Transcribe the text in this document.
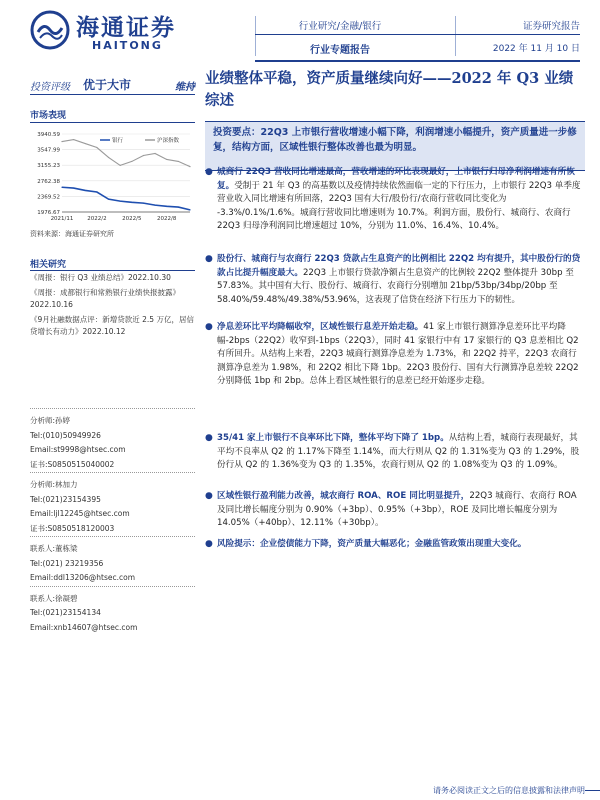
海通证券
HAITONG
行业研究/金融/银行
行业专题报告
证券研究报告
2022 年 11 月 10 日
投资评级 优于大市	维持
业绩整体平稳，资产质量继续向好——2022 年 Q3 业绩综述
市场表现
3940.59
3547.99
3155.23
2762.38
2369.52
1976.67
2021/11	2022/2	2022/5	2022/8
银行	沪深指数
资料来源：海通证券研究所
相关研究
《周报：银行 Q3 业绩总结》2022.10.30
《周报：成都银行和常熟银行业绩快报披露》2022.10.16
《9月社融数据点评：新增贷款近 2.5 万亿，居信贷增长有动力》2022.10.12
分析师:孙婷
Tel:(010)50949926
Email:st9998@htsec.com
证书:S0850515040002
分析师:林加力
Tel:(021)23154395
Email:ljl12245@htsec.com
证书:S0850518120003
联系人:董栋梁
Tel:(021) 23219356
Email:ddl13206@htsec.com
联系人:徐凝碧
Tel:(021)23154134
Email:xnb14607@htsec.com
投资要点：22Q3 上市银行营收增速小幅下降，利润增速小幅提升，资产质量进一步修复，结构方面，区域性银行整体改善也最为明显。
● 城商行 22Q3 营收同比增速最高，营收增速的环比表现最好，上市银行归母净利润增速有所恢复。受制于 21 年 Q3 的高基数以及疫情持续依然面临一定的下行压力，上市银行 22Q3 单季度营业收入同比增速有所回落，22Q3 国有大行/股份行/农商行营收同比变化为 -3.3%/0.1%/1.6%。城商行营收同比增速则为 10.7%。利润方面，股份行、城商行、农商行 22Q3 归母净利润同比增速超过 10%，分别为 11.0%、16.4%、10.4%。
● 股份行、城商行与农商行 22Q3 贷款占生息资产的比例相比 22Q2 均有提升，其中股份行的贷款占比提升幅度最大。22Q3 上市银行贷款净额占生息资产的比例较 22Q2 整体提升 30bp 至 57.83%。其中国有大行、股份行、城商行、农商行分别增加 21bp/53bp/34bp/20bp 至 58.40%/59.48%/49.38%/53.96%，这表现了信贷在经济下行压力下的韧性。
● 净息差环比平均降幅收窄，区域性银行息差开始走稳。41 家上市银行测算净息差环比平均降幅-2bps（22Q2）收窄到-1bps（22Q3），同时 41 家银行中有 17 家银行的 Q3 息差相比 Q2 有所回升。从结构上来看，22Q3 城商行测算净息差为 1.73%，和 22Q2 持平，22Q3 农商行测算净息差为 1.98%，和 22Q2 相比下降 1bp。22Q3 股份行、国有大行测算净息差较 22Q2 分别降低 1bp 和 2bp。总体上看区域性银行的息差已经开始逐步走稳。
● 35/41 家上市银行不良率环比下降，整体平均下降了 1bp。从结构上看，城商行表现最好，其平均不良率从 Q2 的 1.17%下降至 1.14%，而大行则从 Q2 的 1.31%变为 Q3 的 1.29%，股份行从 Q2 的 1.36%变为 Q3 的 1.35%，农商行则从 Q2 的 1.08%变为 Q3 的 1.09%。
● 区域性银行盈利能力改善，城农商行 ROA、ROE 同比明显提升，22Q3 城商行、农商行 ROA 及同比增长幅度分别为 0.90%（+3bp）、0.95%（+3bp），ROE 及同比增长幅度分别为 14.05%（+40bp）、12.11%（+30bp）。
● 风险提示：企业偿债能力下降，资产质量大幅恶化；金融监管政策出现重大变化。
请务必阅读正文之后的信息披露和法律声明
